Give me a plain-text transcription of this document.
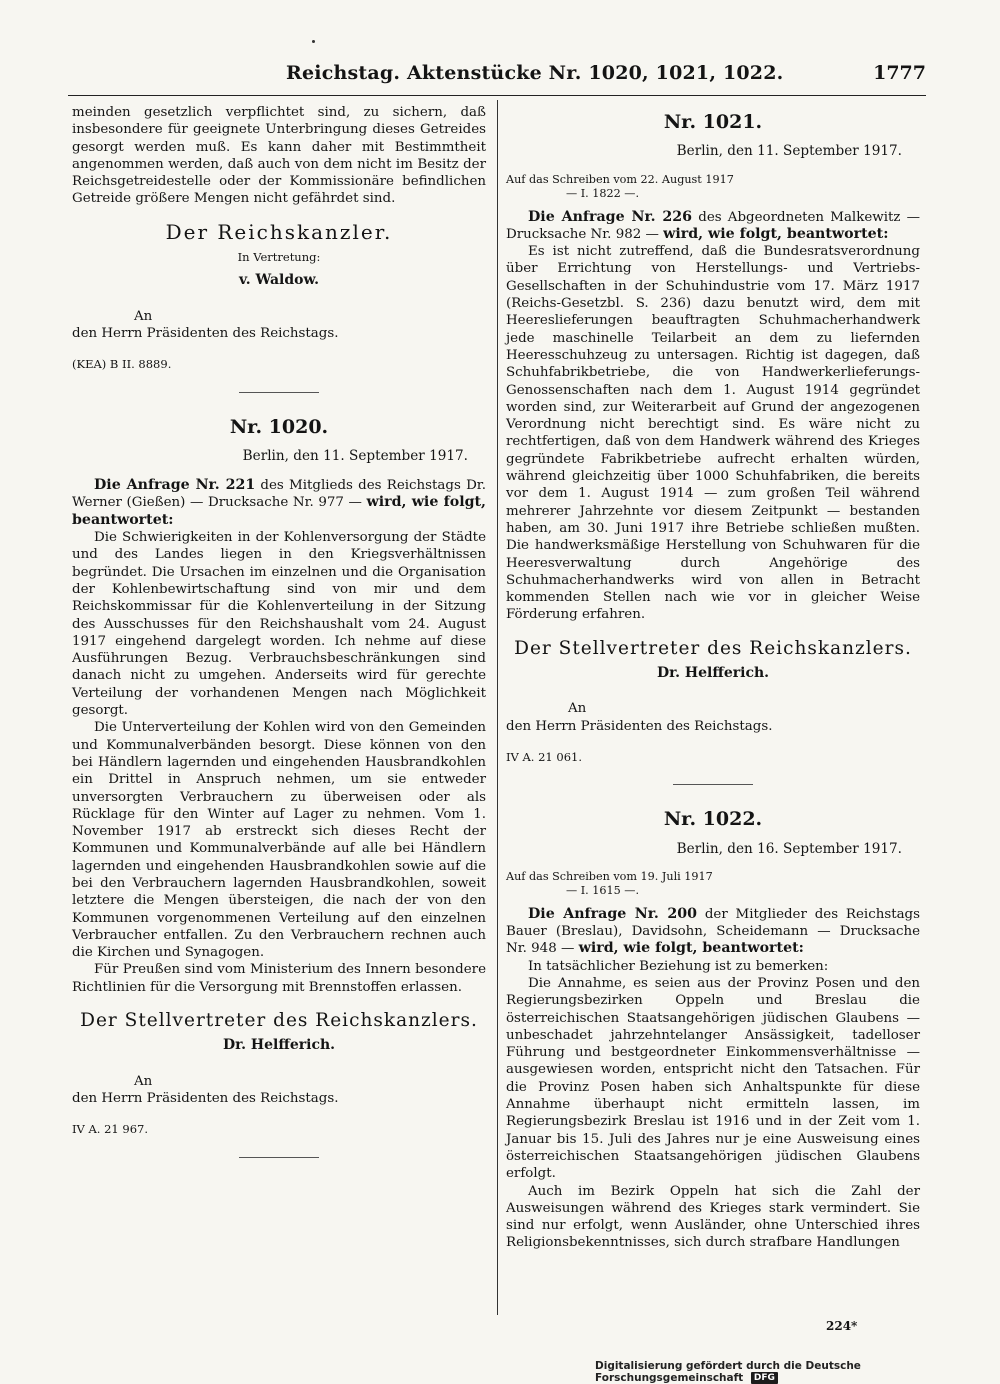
Reichstag. Aktenstücke Nr. 1020, 1021, 1022.	1777

meinden gesetzlich verpflichtet sind, zu sichern, daß insbesondere für geeignete Unterbringung dieses Getreides gesorgt werden muß. Es kann daher mit Bestimmtheit angenommen werden, daß auch von dem nicht im Besitz der Reichsgetreidestelle oder der Kommissionäre befindlichen Getreide größere Mengen nicht gefährdet sind.

Der Reichskanzler.
In Vertretung:
v. Waldow.
An
den Herrn Präsidenten des Reichstags.
(KEA) B II. 8889.
Nr. 1020.
Berlin, den 11. September 1917.

Die Anfrage Nr. 221 des Mitglieds des Reichstags Dr. Werner (Gießen) — Drucksache Nr. 977 — wird, wie folgt, beantwortet:

Die Schwierigkeiten in der Kohlenversorgung der Städte und des Landes liegen in den Kriegsverhältnissen begründet. Die Ursachen im einzelnen und die Organisation der Kohlenbewirtschaftung sind von mir und dem Reichskommissar für die Kohlenverteilung in der Sitzung des Ausschusses für den Reichshaushalt vom 24. August 1917 eingehend dargelegt worden. Ich nehme auf diese Ausführungen Bezug. Verbrauchsbeschränkungen sind danach nicht zu umgehen. Anderseits wird für gerechte Verteilung der vorhandenen Mengen nach Möglichkeit gesorgt.

Die Unterverteilung der Kohlen wird von den Gemeinden und Kommunalverbänden besorgt. Diese können von den bei Händlern lagernden und eingehenden Hausbrandkohlen ein Drittel in Anspruch nehmen, um sie entweder unversorgten Verbrauchern zu überweisen oder als Rücklage für den Winter auf Lager zu nehmen. Vom 1. November 1917 ab erstreckt sich dieses Recht der Kommunen und Kommunalverbände auf alle bei Händlern lagernden und eingehenden Hausbrandkohlen sowie auf die bei den Verbrauchern lagernden Hausbrandkohlen, soweit letztere die Mengen übersteigen, die nach der von den Kommunen vorgenommenen Verteilung auf den einzelnen Verbraucher entfallen. Zu den Verbrauchern rechnen auch die Kirchen und Synagogen.

Für Preußen sind vom Ministerium des Innern besondere Richtlinien für die Versorgung mit Brennstoffen erlassen.

Der Stellvertreter des Reichskanzlers.
Dr. Helfferich.
An
den Herrn Präsidenten des Reichstags.
IV A. 21 967.
Nr. 1021.
Berlin, den 11. September 1917.
Auf das Schreiben vom 22. August 1917
— I. 1822 —.

Die Anfrage Nr. 226 des Abgeordneten Malkewitz — Drucksache Nr. 982 — wird, wie folgt, beantwortet:

Es ist nicht zutreffend, daß die Bundesratsverordnung über Errichtung von Herstellungs- und Vertriebs-Gesellschaften in der Schuhindustrie vom 17. März 1917 (Reichs-Gesetzbl. S. 236) dazu benutzt wird, dem mit Heereslieferungen beauftragten Schuhmacherhandwerk jede maschinelle Teilarbeit an dem zu liefernden Heeresschuhzeug zu untersagen. Richtig ist dagegen, daß Schuhfabrikbetriebe, die von Handwerkerlieferungs-Genossenschaften nach dem 1. August 1914 gegründet worden sind, zur Weiterarbeit auf Grund der angezogenen Verordnung nicht berechtigt sind. Es wäre nicht zu rechtfertigen, daß von dem Handwerk während des Krieges gegründete Fabrikbetriebe aufrecht erhalten würden, während gleichzeitig über 1000 Schuhfabriken, die bereits vor dem 1. August 1914 — zum großen Teil während mehrerer Jahrzehnte vor diesem Zeitpunkt — bestanden haben, am 30. Juni 1917 ihre Betriebe schließen mußten. Die handwerksmäßige Herstellung von Schuhwaren für die Heeresverwaltung durch Angehörige des Schuhmacherhandwerks wird von allen in Betracht kommenden Stellen nach wie vor in gleicher Weise Förderung erfahren.

Der Stellvertreter des Reichskanzlers.
Dr. Helfferich.
An
den Herrn Präsidenten des Reichstags.
IV A. 21 061.
Nr. 1022.
Berlin, den 16. September 1917.
Auf das Schreiben vom 19. Juli 1917
— I. 1615 —.

Die Anfrage Nr. 200 der Mitglieder des Reichstags Bauer (Breslau), Davidsohn, Scheidemann — Drucksache Nr. 948 — wird, wie folgt, beantwortet:

In tatsächlicher Beziehung ist zu bemerken:

Die Annahme, es seien aus der Provinz Posen und den Regierungsbezirken Oppeln und Breslau die österreichischen Staatsangehörigen jüdischen Glaubens — unbeschadet jahrzehntelanger Ansässigkeit, tadelloser Führung und bestgeordneter Einkommensverhältnisse — ausgewiesen worden, entspricht nicht den Tatsachen. Für die Provinz Posen haben sich Anhaltspunkte für diese Annahme überhaupt nicht ermitteln lassen, im Regierungsbezirk Breslau ist 1916 und in der Zeit vom 1. Januar bis 15. Juli des Jahres nur je eine Ausweisung eines österreichischen Staatsangehörigen jüdischen Glaubens erfolgt.

Auch im Bezirk Oppeln hat sich die Zahl der Ausweisungen während des Krieges stark vermindert. Sie sind nur erfolgt, wenn Ausländer, ohne Unterschied ihres Religionsbekenntnisses, sich durch strafbare Handlungen

224*
Digitalisierung gefördert durch die Deutsche Forschungsgemeinschaft DFG
